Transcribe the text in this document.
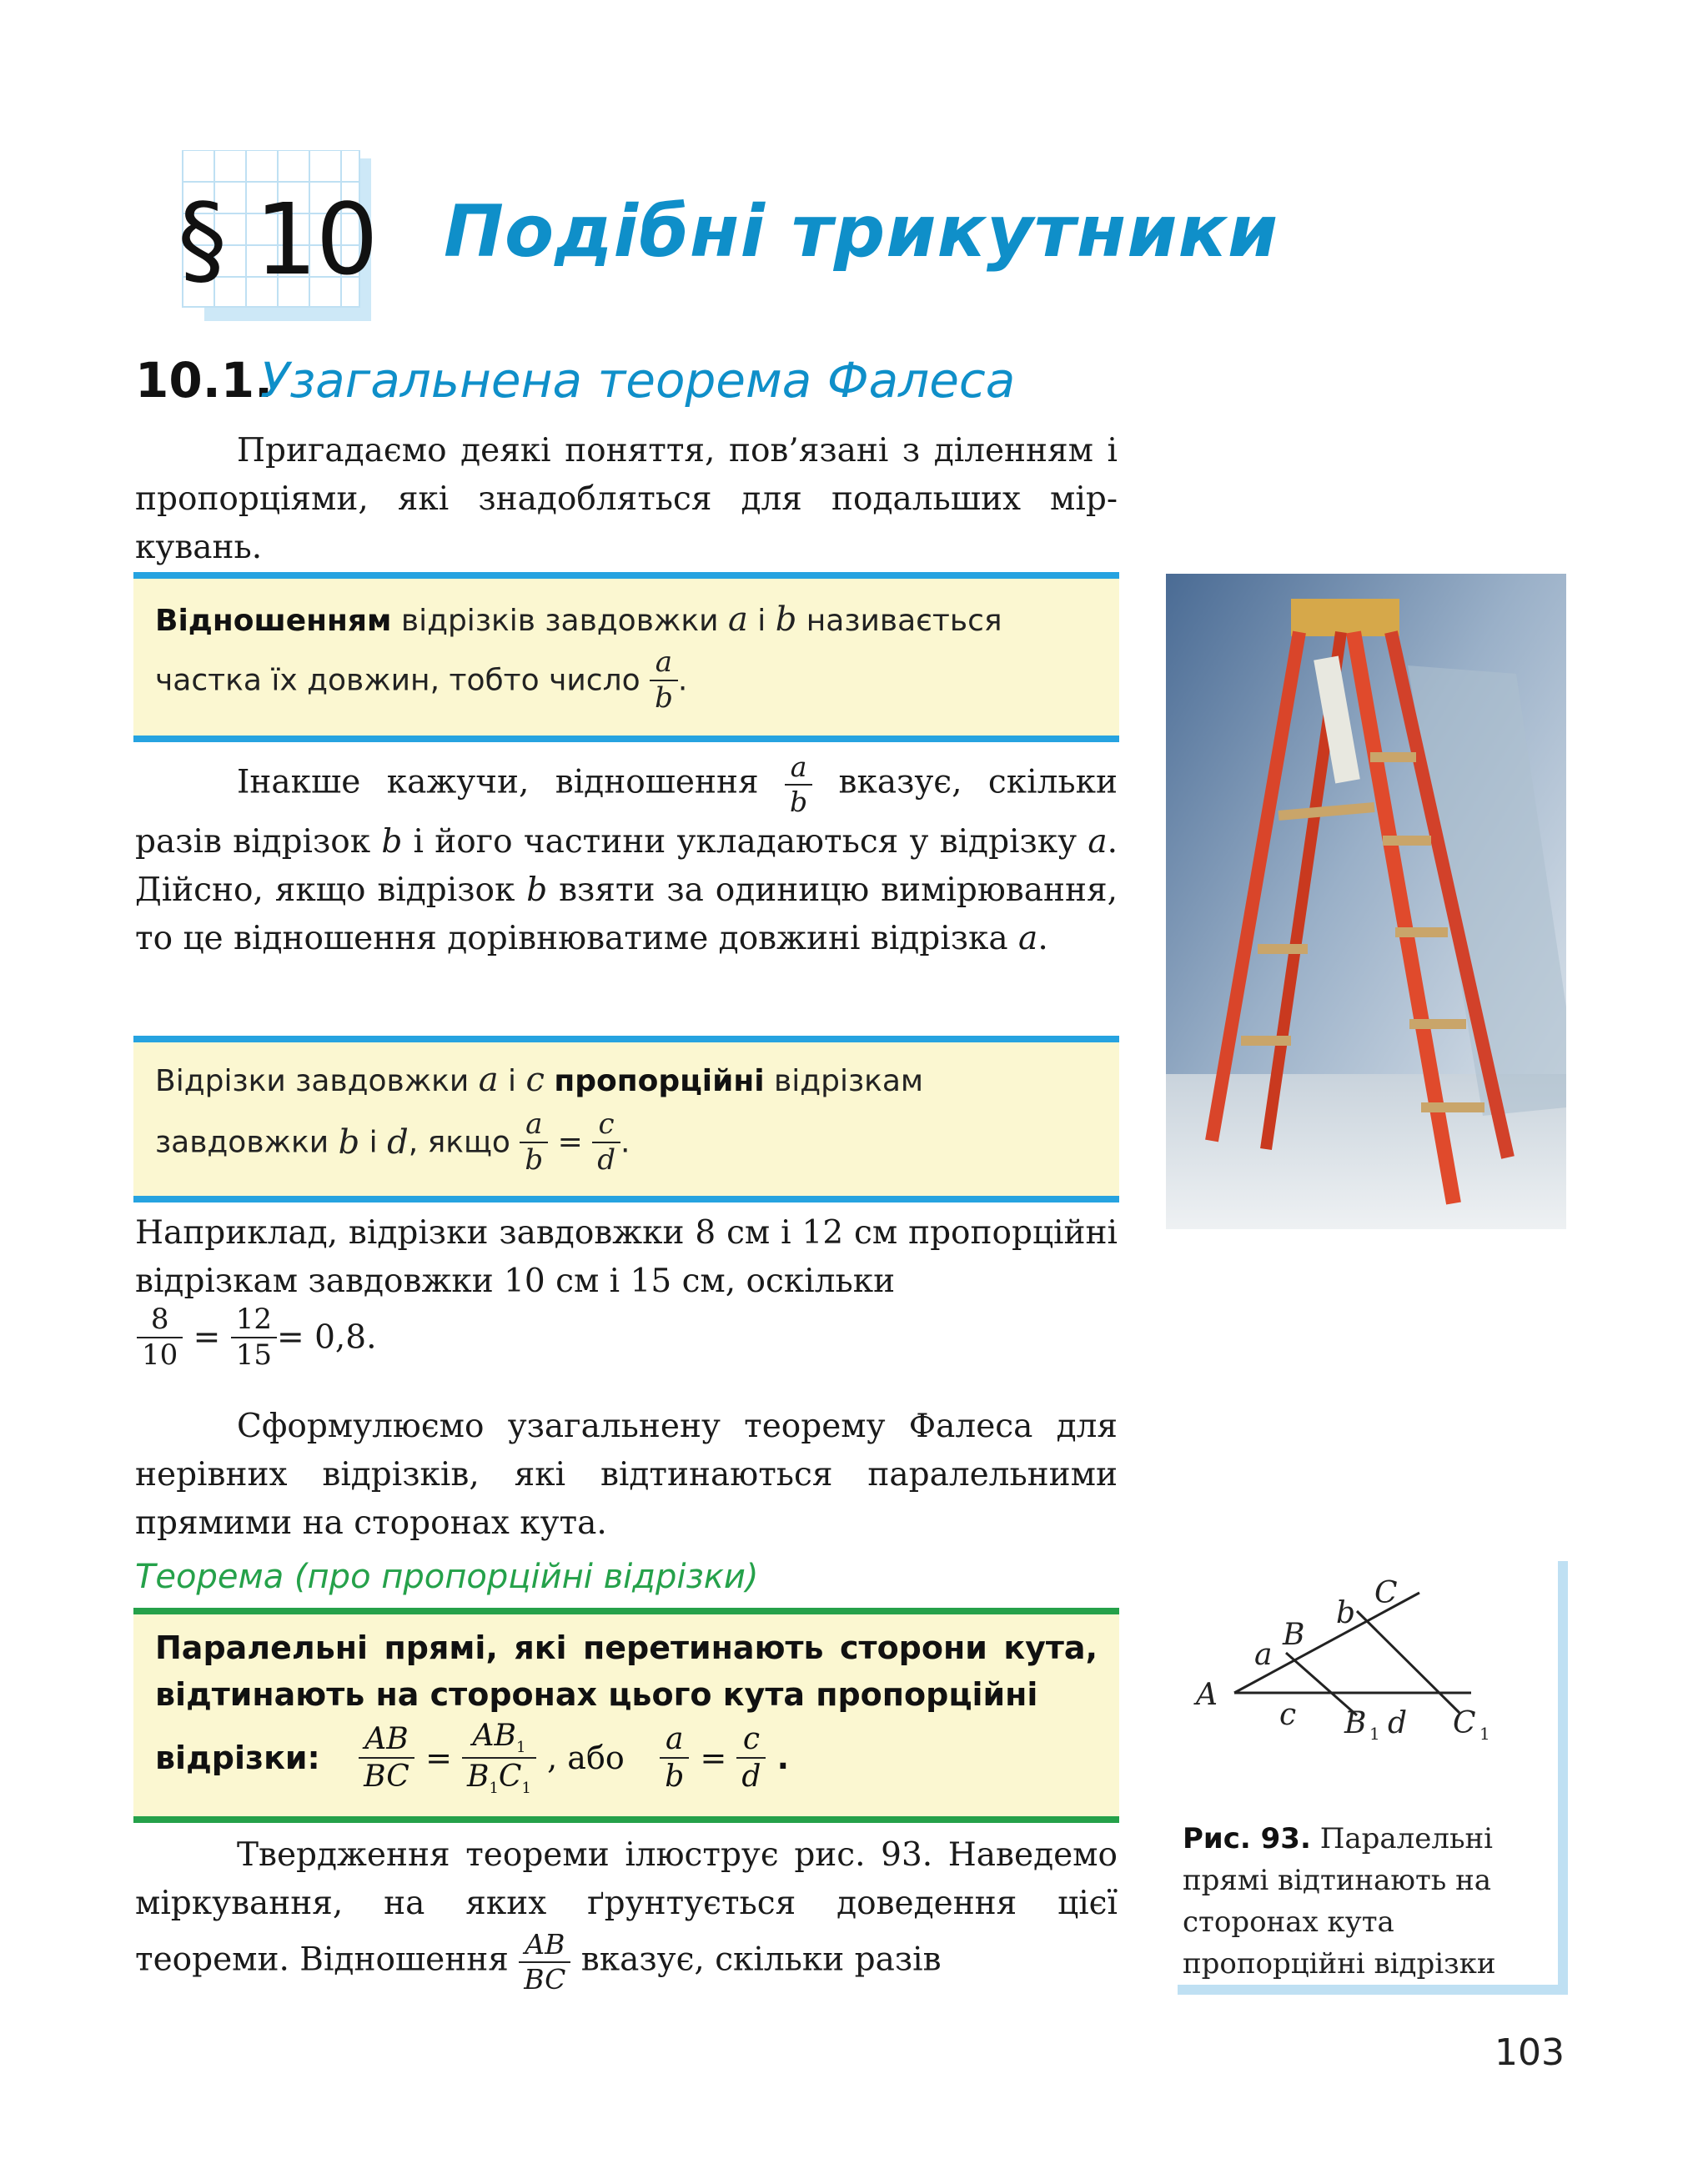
§ 10 Подібні трикутники
10.1.
Узагальнена теорема Фалеса
Пригадаємо деякі поняття, пов’язані з діленням і пропорціями, які знадобляться для подальших міркувань.
Відношенням відрізків завдовжки a і b називається
частка їх довжин, тобто число $\frac{a}{b}$ .
Інакше кажучи, відношення $\frac{a}{b}$ вказує, скільки разів відрізок b і його частини укладаються у відрізку a. Дійсно, якщо відрізок b взяти за одиницю вимірювання, то це відношення дорівнюватиме довжині відрізка a.
Відрізки завдовжки a і c пропорційні відрізкам
завдовжки b і d, якщо $\frac{a}{b} = \frac{c}{d}$ .
Наприклад, відрізки завдовжки 8 см і 12 см пропорційні відрізкам завдовжки 10 см і 15 см, оскільки
$\frac{8}{10} = \frac{12}{15} = 0,8$.
Сформулюємо узагальнену теорему Фалеса для нерівних відрізків, які відтинаються паралельними прямими на сторонах кута.
Теорема (про пропорційні відрізки)
Паралельні прямі, які перетинають сторони кута, відтинають на сторонах цього кута пропорційні
відрізки: $\frac{AB}{BC} = \frac{AB_1}{B_1C_1}$ , або $\frac{a}{b} = \frac{c}{d}$ .
Твердження теореми ілюструє рис. 93. Наведемо міркування, на яких ґрунтується доведення цієї теореми. Відношення $\frac{AB}{BC}$ вказує, скільки разів
A
B
C
a
b
c	d
B 1 C 1
Рис. 93. Паралельні прямі відтинають на сторонах кута пропорційні відрізки
103
